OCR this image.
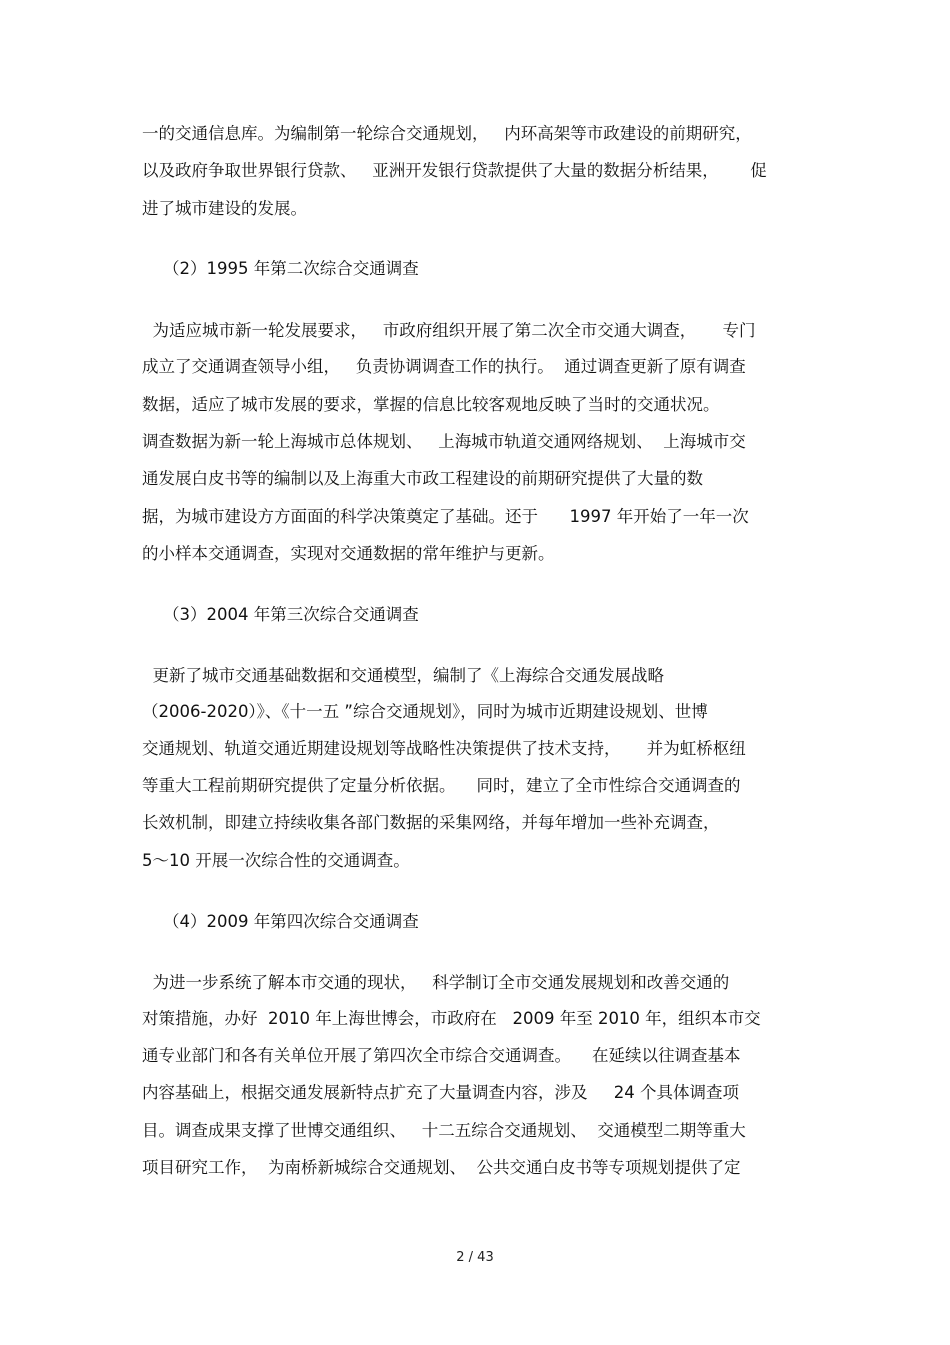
一的交通信息库。为编制第一轮综合交通规划，   内环高架等市政建设的前期研究，
以及政府争取世界银行贷款、   亚洲开发银行贷款提供了大量的数据分析结果，      促
进了城市建设的发展。
（2）1995 年第二次综合交通调查
为适应城市新一轮发展要求，   市政府组织开展了第二次全市交通大调查，     专门
成立了交通调查领导小组，   负责协调调查工作的执行。  通过调查更新了原有调查
数据，适应了城市发展的要求，掌握的信息比较客观地反映了当时的交通状况。
调查数据为新一轮上海城市总体规划、   上海城市轨道交通网络规划、  上海城市交
通发展白皮书等的编制以及上海重大市政工程建设的前期研究提供了大量的数
据，为城市建设方方面面的科学决策奠定了基础。还于      1997 年开始了一年一次
的小样本交通调查，实现对交通数据的常年维护与更新。
（3）2004 年第三次综合交通调查
更新了城市交通基础数据和交通模型，编制了《上海综合交通发展战略
（2006-2020）》、《十一五 ”综合交通规划》，同时为城市近期建设规划、世博
交通规划、轨道交通近期建设规划等战略性决策提供了技术支持，     并为虹桥枢纽
等重大工程前期研究提供了定量分析依据。    同时，建立了全市性综合交通调查的
长效机制，即建立持续收集各部门数据的采集网络，并每年增加一些补充调查，
5～10 开展一次综合性的交通调查。
（4）2009 年第四次综合交通调查
为进一步系统了解本市交通的现状，   科学制订全市交通发展规划和改善交通的
对策措施，办好  2010 年上海世博会，市政府在   2009 年至 2010 年，组织本市交
通专业部门和各有关单位开展了第四次全市综合交通调查。    在延续以往调查基本
内容基础上，根据交通发展新特点扩充了大量调查内容，涉及     24 个具体调查项
目。调查成果支撑了世博交通组织、   十二五综合交通规划、  交通模型二期等重大
项目研究工作，  为南桥新城综合交通规划、  公共交通白皮书等专项规划提供了定
2 / 43
